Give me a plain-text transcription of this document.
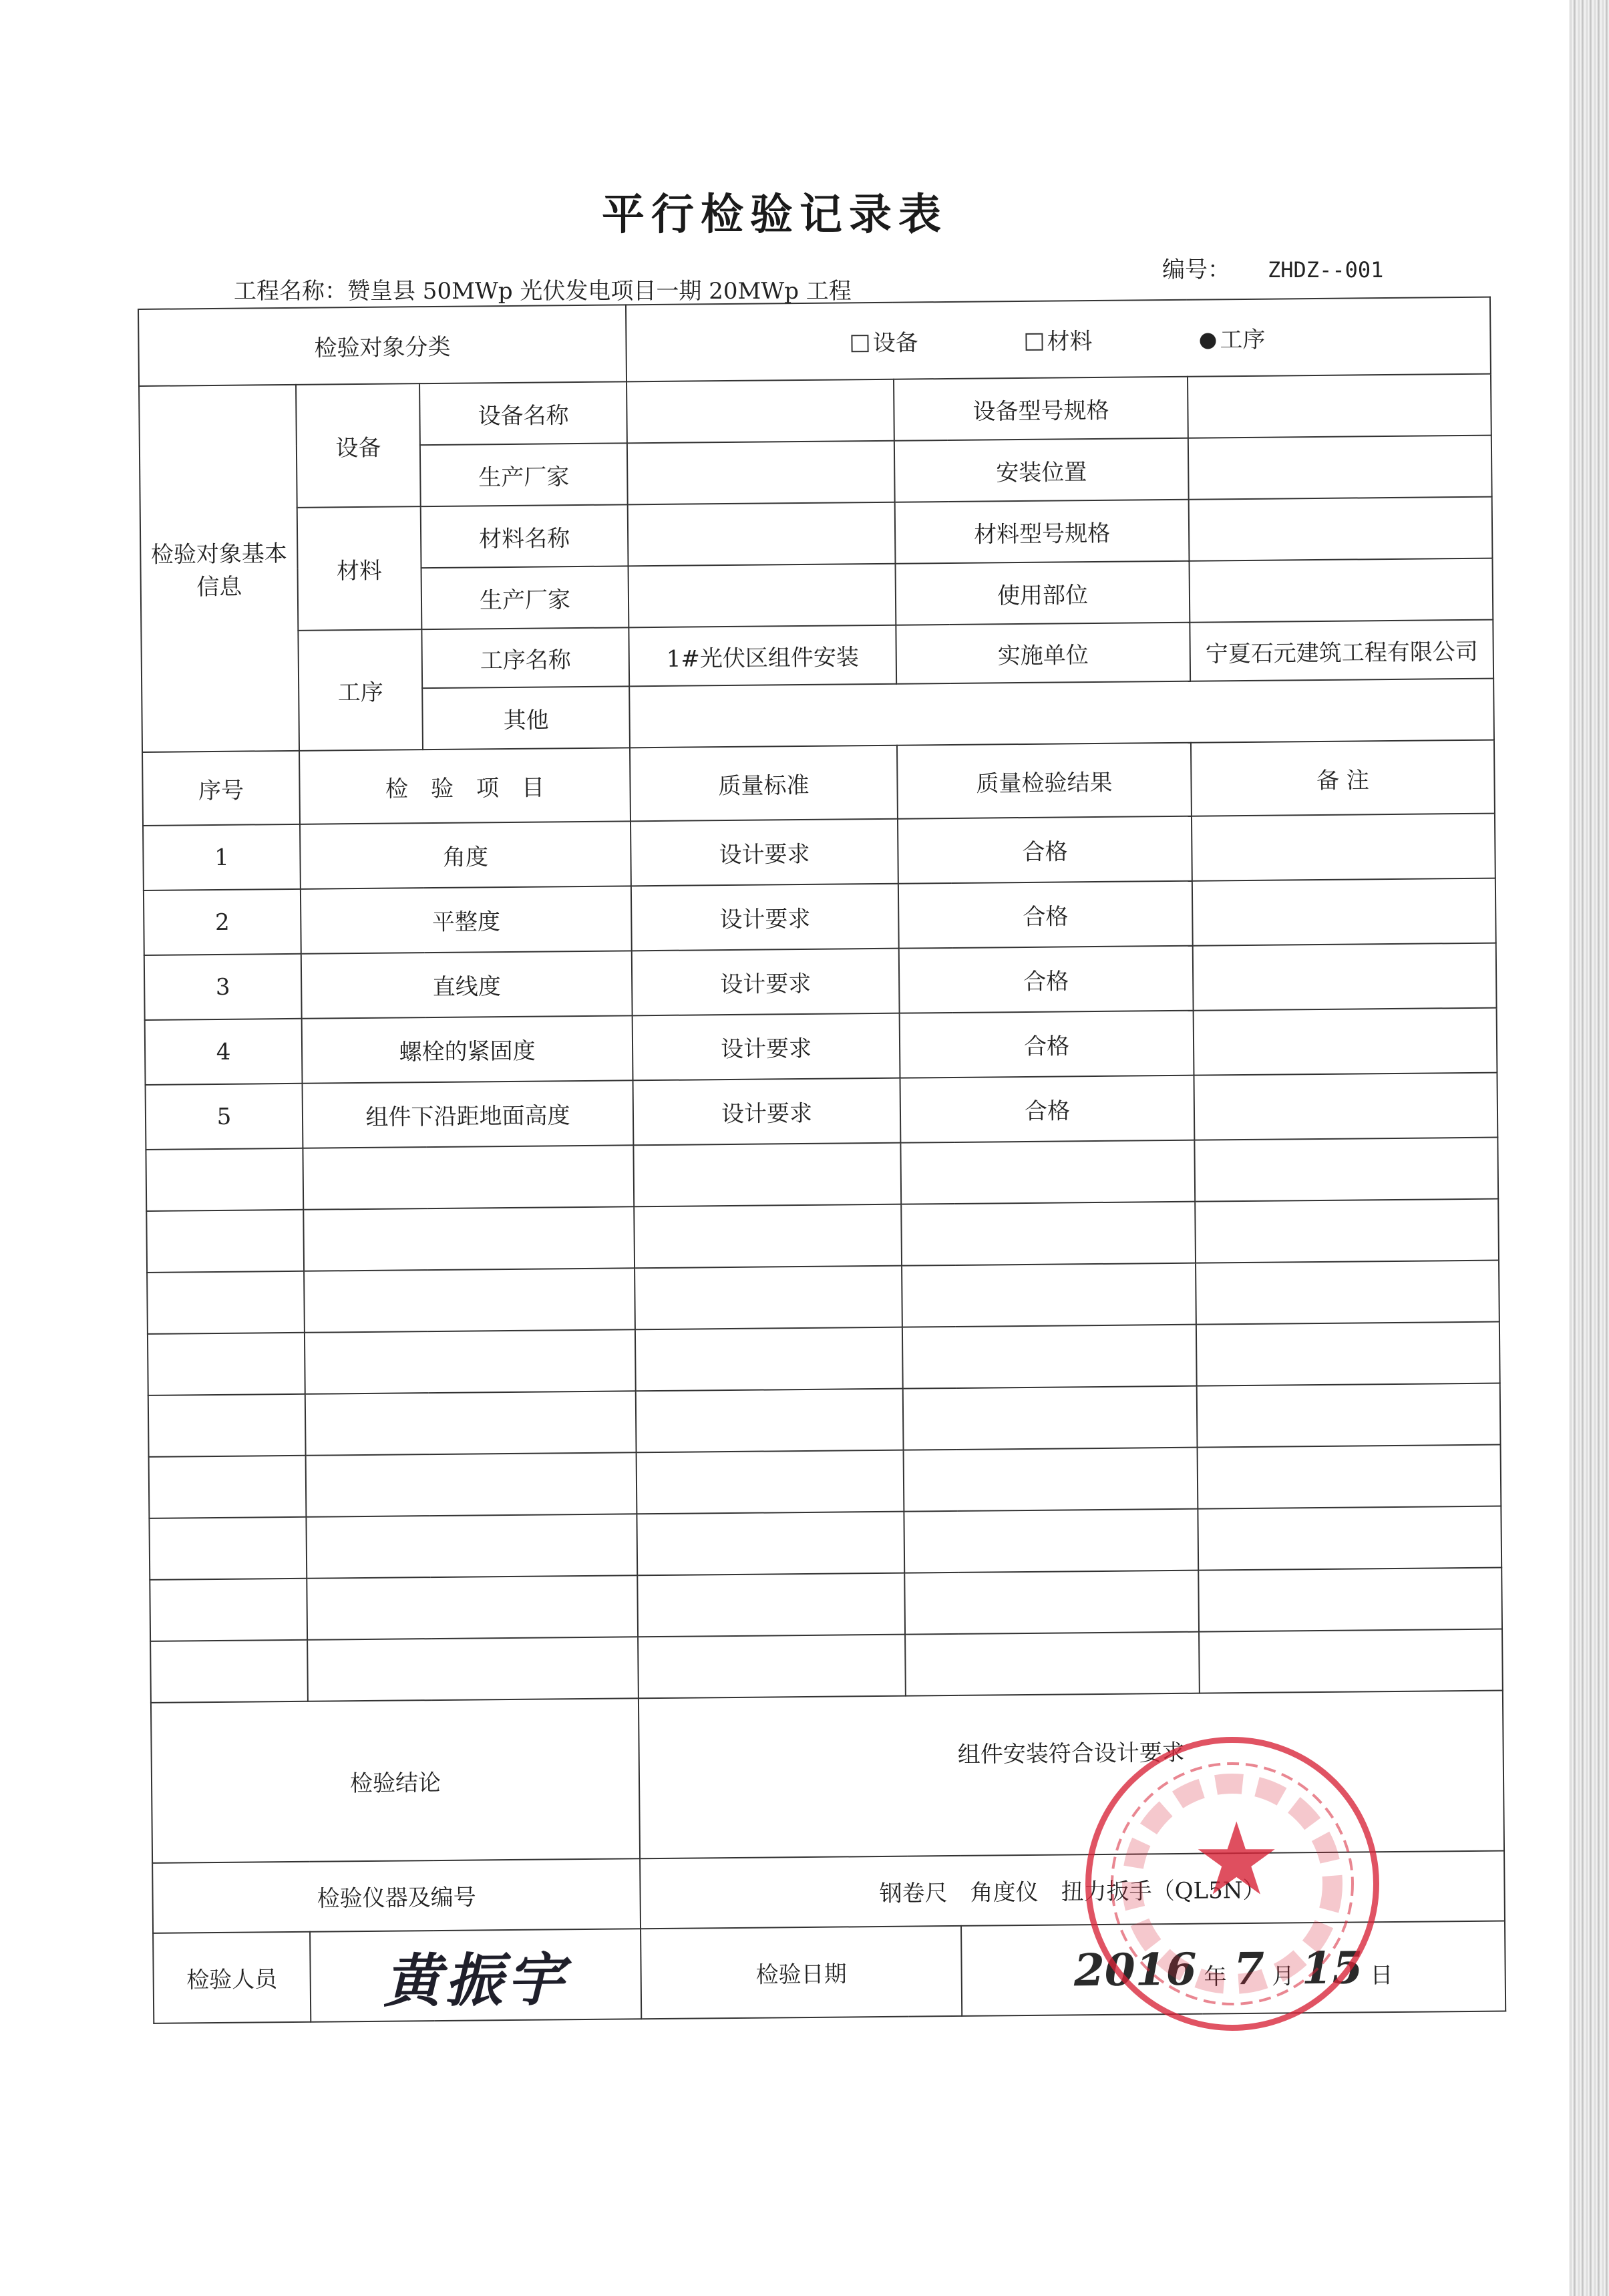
平行检验记录表
工程名称：赞皇县 50MWp 光伏发电项目一期 20MWp 工程
编号： ZHDZ--001
检验对象分类			设备 材料 工序			
检验对象基本信息	设备	设备名称		设备型号规格		
		生产厂家		安装位置		
	材料	材料名称		材料型号规格		
		生产厂家		使用部位		
	工序	工序名称	1#光伏区组件安装	实施单位		宁夏石元建筑工程有限公司
		其他				
序号	检　验　项　目		质量标准	质量检验结果		备 注
1	角度		设计要求	合格		
2	平整度		设计要求	合格		
3	直线度		设计要求	合格		
4	螺栓的紧固度		设计要求	合格		
5	组件下沿距地面高度		设计要求	合格		

检验结论			组件安装符合设计要求			
检验仪器及编号			钢卷尺　角度仪　扭力扳手（QL5N）			
检验人员	黄振宇		检验日期		2016 年 7 月 15 日	
★
